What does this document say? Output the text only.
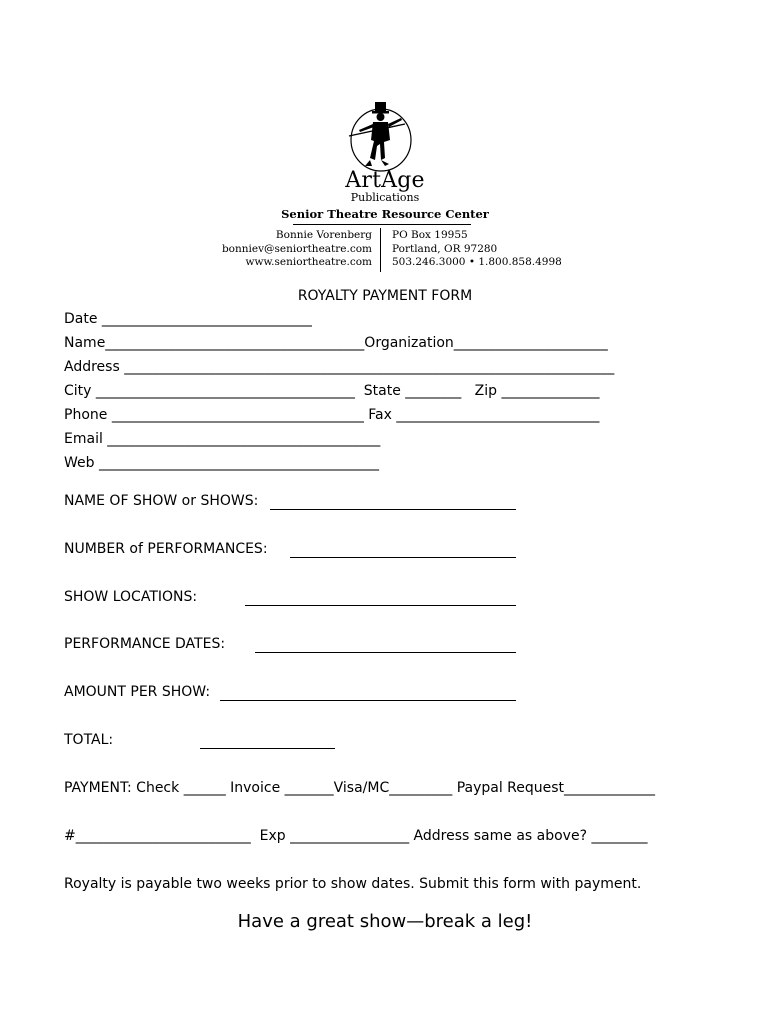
ArtAge
Publications
Senior Theatre Resource Center
Bonnie Vorenberg
bonniev@seniortheatre.com
www.seniortheatre.com
PO Box 19955
Portland, OR 97280
503.246.3000 • 1.800.858.4998
ROYALTY PAYMENT FORM
Date ______________________________
Name_____________________________________Organization______________________
Address ______________________________________________________________________
City _____________________________________  State ________   Zip ______________
Phone ____________________________________ Fax _____________________________
Email _______________________________________
Web ________________________________________
NAME OF SHOW or SHOWS:
NUMBER of PERFORMANCES:
SHOW LOCATIONS:
PERFORMANCE DATES:
AMOUNT PER SHOW:
TOTAL:
PAYMENT: Check ______ Invoice _______Visa/MC_________ Paypal Request_____________
#_________________________  Exp _________________ Address same as above? ________
Royalty is payable two weeks prior to show dates. Submit this form with payment.
Have a great show—break a leg!
